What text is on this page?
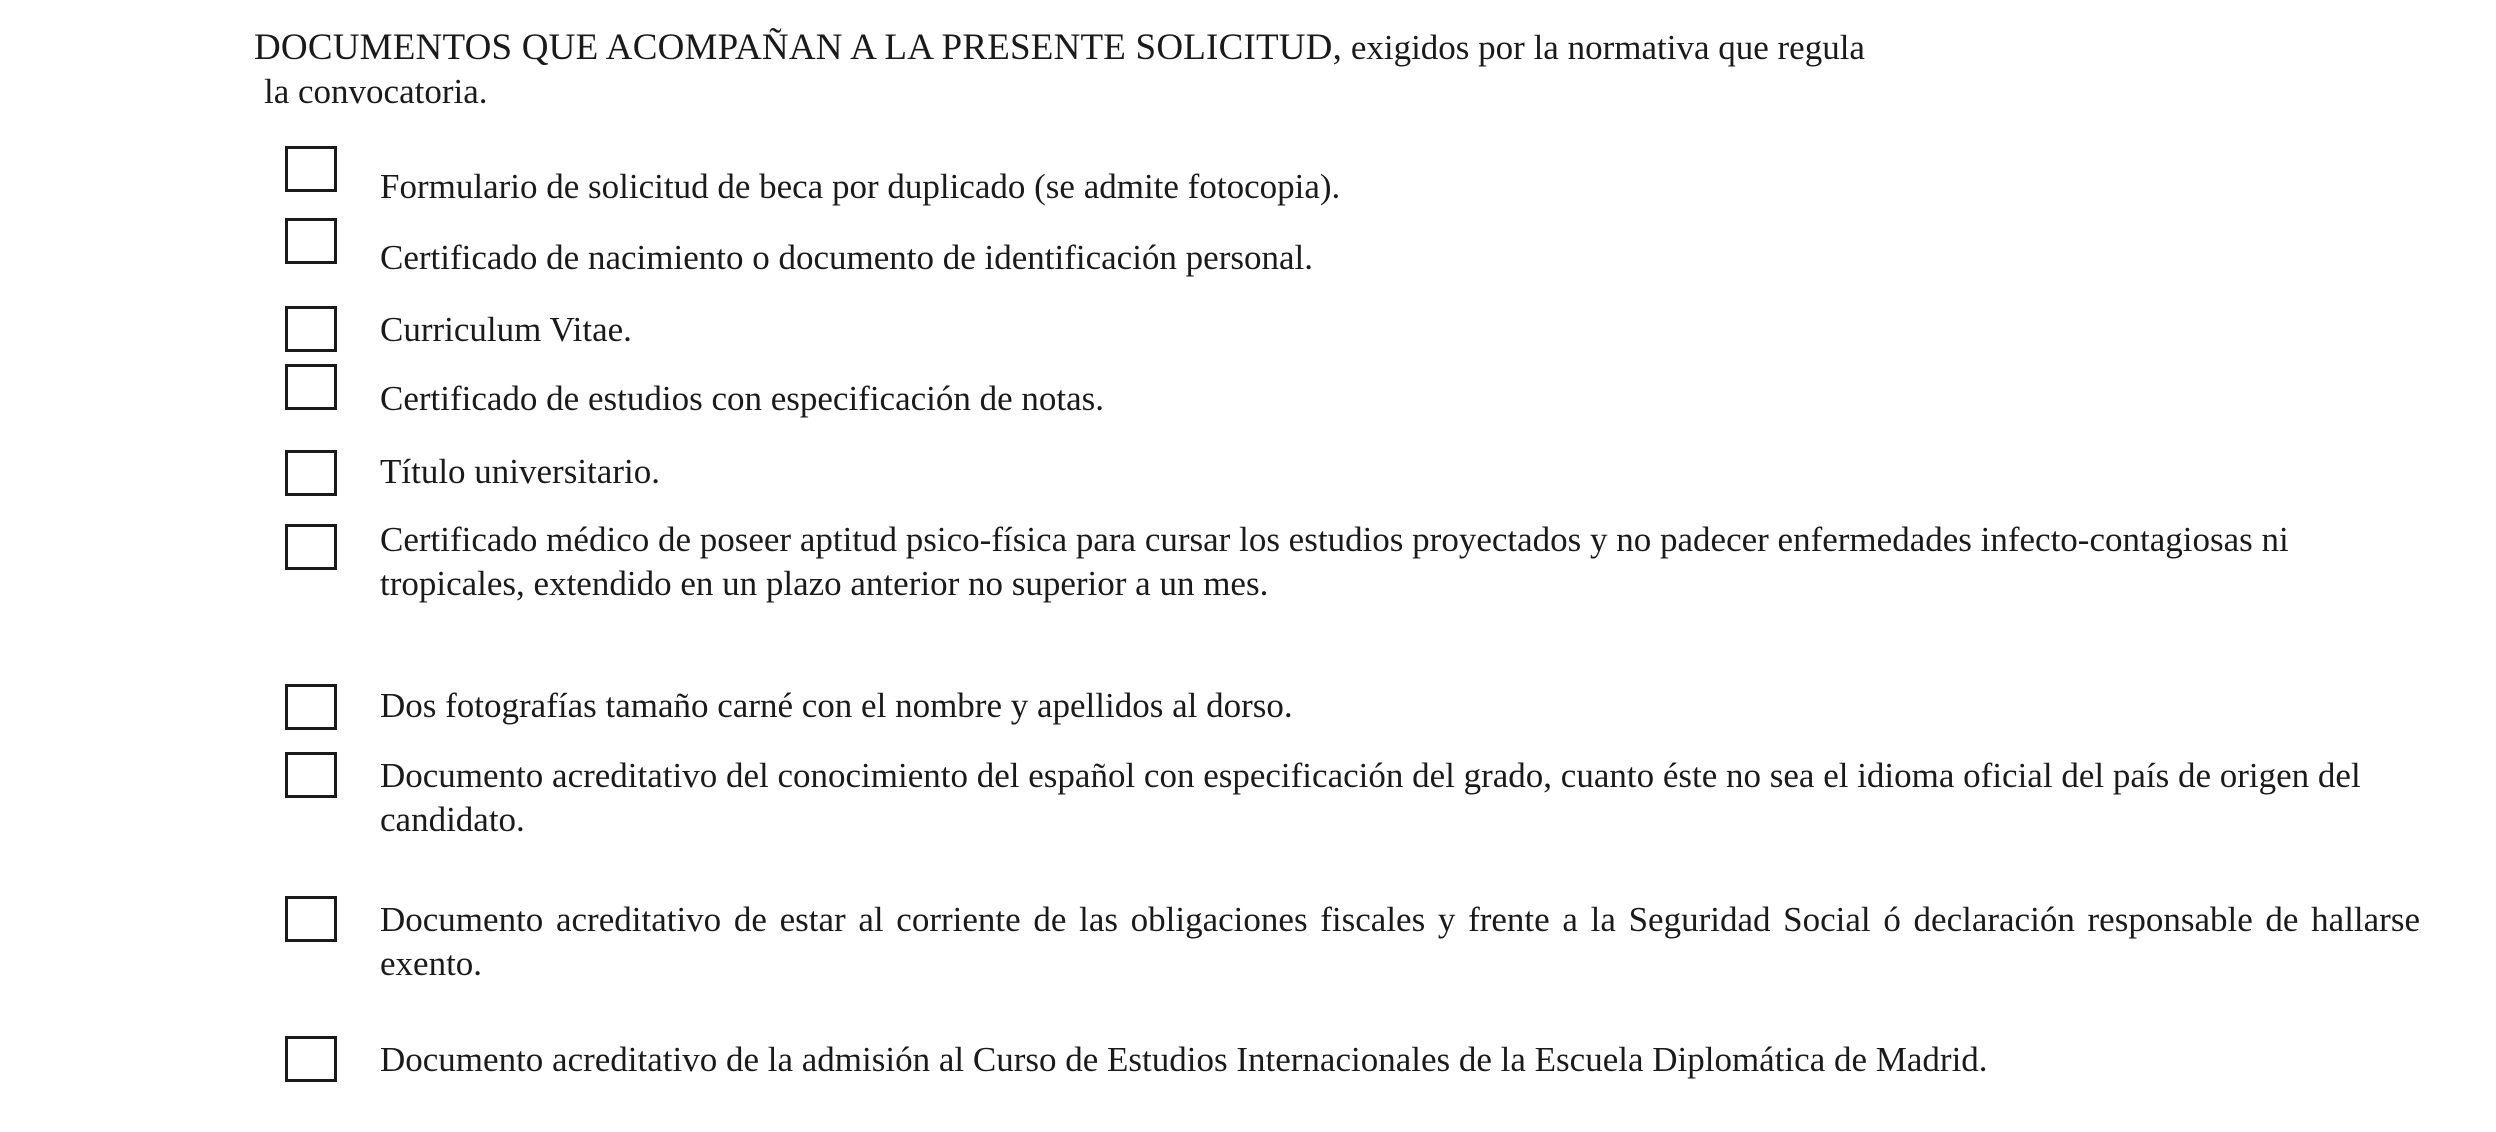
DOCUMENTOS QUE ACOMPAÑAN A LA PRESENTE SOLICITUD, exigidos por la normativa que regula
la convocatoria.
Formulario de solicitud de beca por duplicado (se admite fotocopia).
Certificado de nacimiento o documento de identificación personal.
Curriculum Vitae.
Certificado de estudios con especificación de notas.
Título universitario.
Certificado médico de poseer aptitud psico-física para cursar los estudios proyectados y no padecer enfermedades infecto-contagiosas ni tropicales, extendido en un plazo anterior no superior a un mes.
Dos fotografías tamaño carné con el nombre y apellidos al dorso.
Documento acreditativo del conocimiento del español con especificación del grado, cuanto éste no sea el idioma oficial del país de origen del candidato.
Documento acreditativo de estar al corriente de las obligaciones fiscales y frente a la Seguridad Social ó declaración responsable de hallarse exento.
Documento acreditativo de la admisión al Curso de Estudios Internacionales de la Escuela Diplomática de Madrid.
